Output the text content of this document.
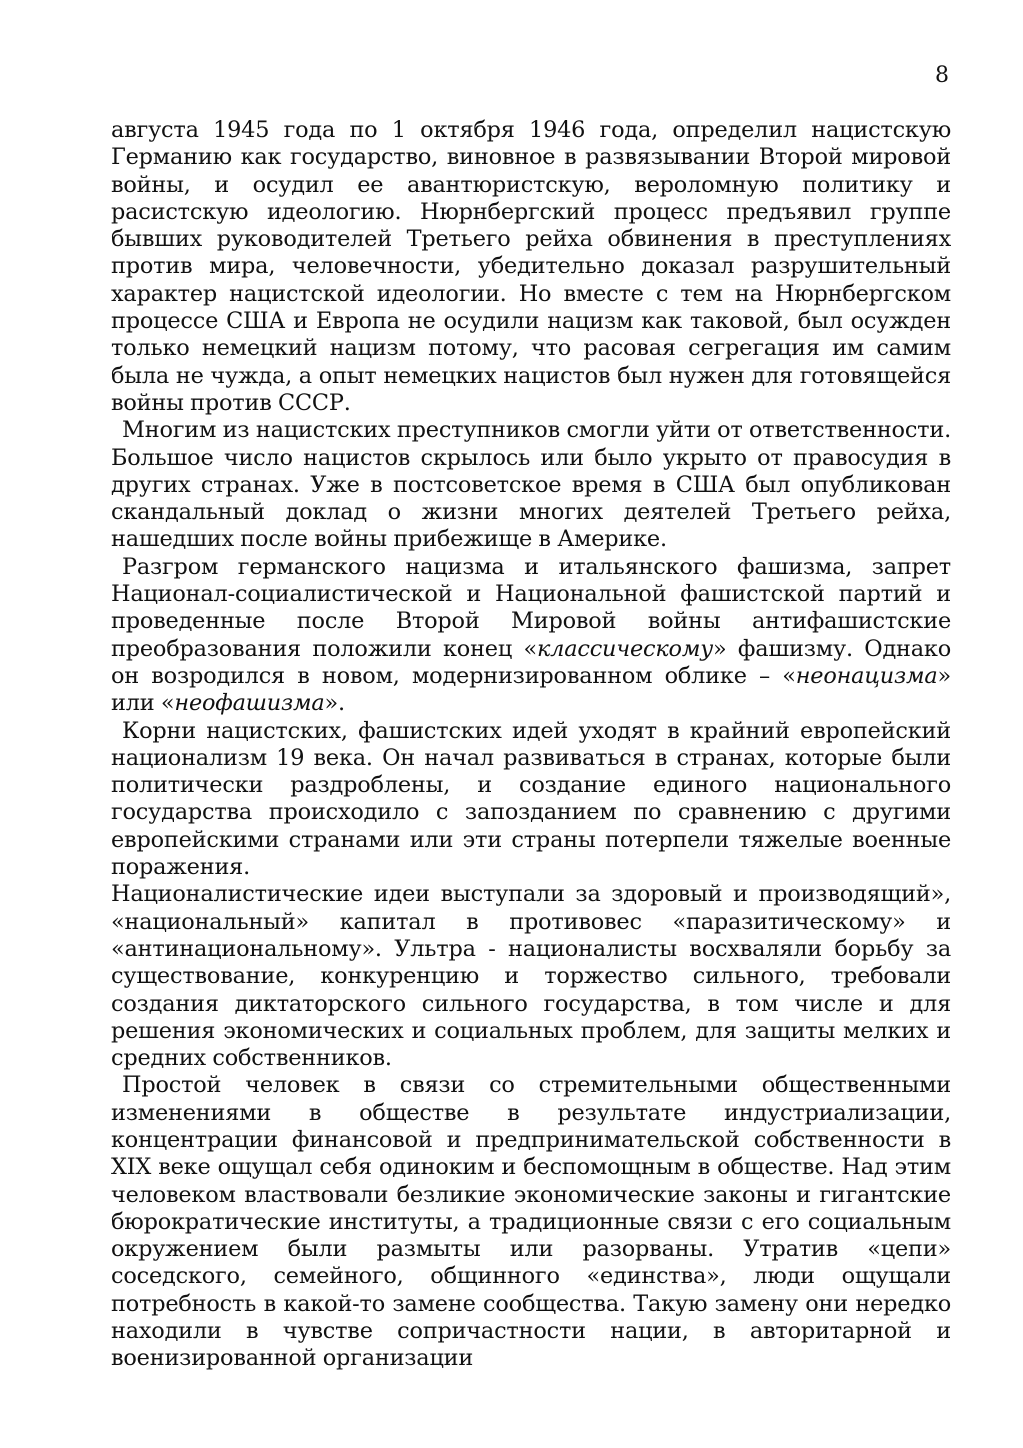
8
августа 1945 года по 1 октября 1946 года, определил нацистскую Германию как государство, виновное в развязывании Второй мировой войны, и осудил ее авантюристскую, вероломную политику и расистскую идеологию. Нюрнбергский процесс предъявил группе бывших руководителей Третьего рейха обвинения в преступлениях против мира, человечности, убедительно доказал разрушительный характер нацистской идеологии. Но вместе с тем на Нюрнбергском процессе США и Европа не осудили нацизм как таковой, был осужден только немецкий нацизм потому, что расовая сегрегация им самим была не чужда, а опыт немецких нацистов был нужен для готовящейся войны против СССР.
Многим из нацистских преступников смогли уйти от ответственности. Большое число нацистов скрылось или было укрыто от правосудия в других странах. Уже в постсоветское время в США был опубликован скандальный доклад о жизни многих деятелей Третьего рейха, нашедших после войны прибежище в Америке.
Разгром германского нацизма и итальянского фашизма, запрет Национал-социалистической и Национальной фашистской партий и проведенные после Второй Мировой войны антифашистские преобразования положили конец «классическому» фашизму. Однако он возродился в новом, модернизированном облике – «неонацизма» или «неофашизма».
Корни нацистских, фашистских идей уходят в крайний европейский национализм 19 века. Он начал развиваться в странах, которые были политически раздроблены, и создание единого национального государства происходило с запозданием по сравнению с другими европейскими странами или эти страны потерпели тяжелые военные поражения.
Националистические идеи выступали за здоровый и производящий», «национальный» капитал в противовес «паразитическому» и «антинациональному». Ультра - националисты восхваляли борьбу за существование, конкуренцию и торжество сильного, требовали создания диктаторского сильного государства, в том числе и для решения экономических и социальных проблем, для защиты мелких и средних собственников.
Простой человек в связи со стремительными общественными изменениями в обществе в результате индустриализации, концентрации финансовой и предпринимательской собственности в XIX веке ощущал себя одиноким и беспомощным в обществе. Над этим человеком властвовали безликие экономические законы и гигантские бюрократические институты, а традиционные связи с его социальным окружением были размыты или разорваны. Утратив «цепи» соседского, семейного, общинного «единства», люди ощущали потребность в какой-то замене сообщества. Такую замену они нередко находили в чувстве сопричастности нации, в авторитарной и военизированной организации
